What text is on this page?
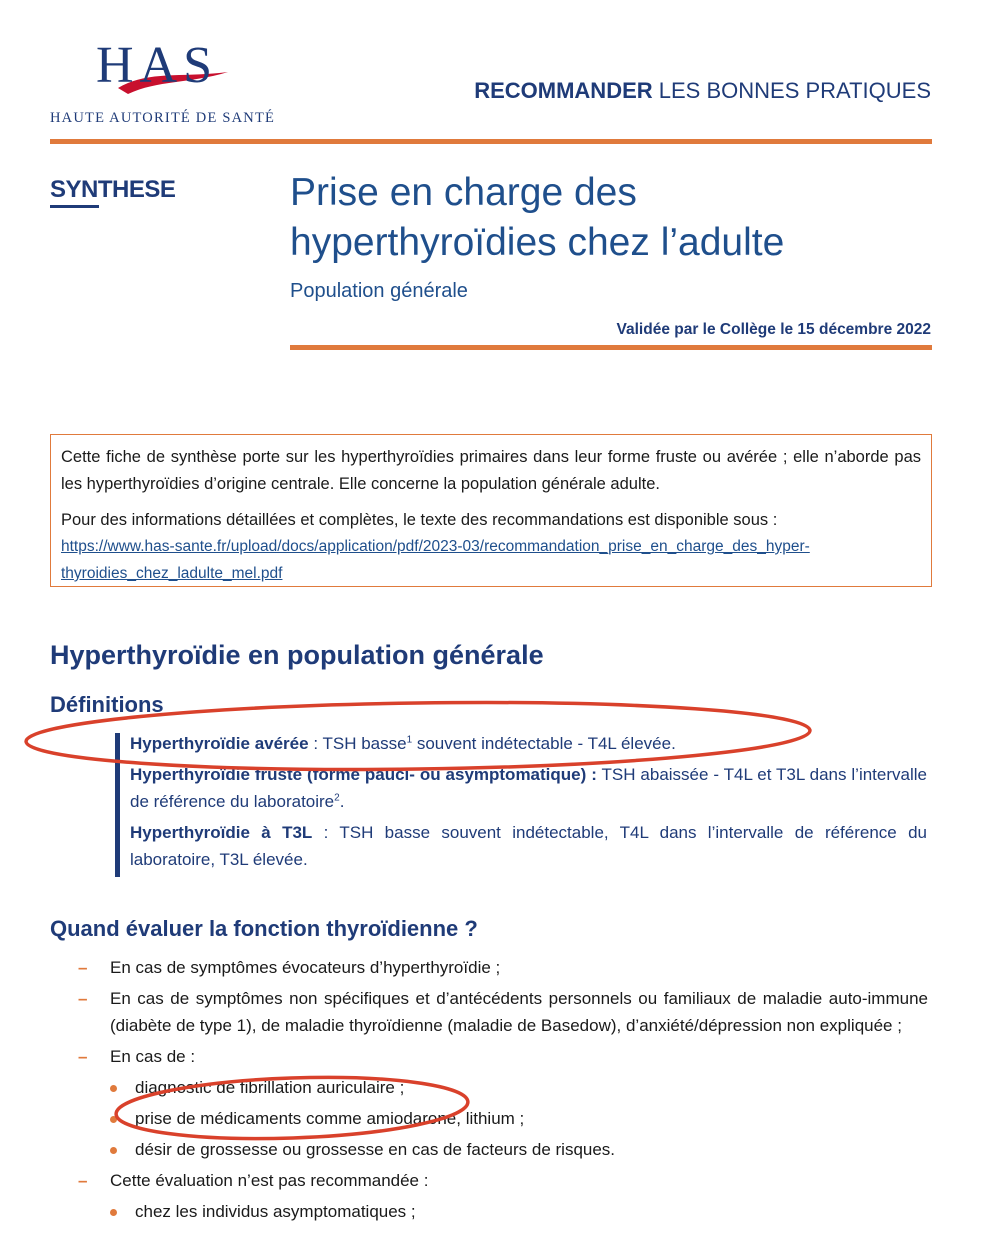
HAS
HAUTE AUTORITÉ DE SANTÉ
RECOMMANDER LES BONNES PRATIQUES
SYNTHESE	Prise en charge des
hyperthyroïdies chez l’adulte
Population générale
Validée par le Collège le 15 décembre 2022

Cette fiche de synthèse porte sur les hyperthyroïdies primaires dans leur forme fruste ou avérée ; elle n’aborde pas les hyperthyroïdies d’origine centrale. Elle concerne la population générale adulte.

Pour des informations détaillées et complètes, le texte des recommandations est disponible sous :
https://www.has-sante.fr/upload/docs/application/pdf/2023-03/recommandation_prise_en_charge_des_hyper-
thyroidies_chez_ladulte_mel.pdf

Hyperthyroïdie en population générale
Définitions

Hyperthyroïdie avérée : TSH basse$^1$ souvent indétectable - T4L élevée.

Hyperthyroïdie fruste (forme pauci- ou asymptomatique) : TSH abaissée - T4L et T3L dans l’intervalle de référence du laboratoire$^2$.

Hyperthyroïdie à T3L : TSH basse souvent indétectable, T4L dans l’intervalle de référence du laboratoire, T3L élevée.

Quand évaluer la fonction thyroïdienne ?
– En cas de symptômes évocateurs d’hyperthyroïdie ;
– En cas de symptômes non spécifiques et d’antécédents personnels ou familiaux de maladie auto-immune (diabète de type 1), de maladie thyroïdienne (maladie de Basedow), d’anxiété/dépression non expliquée ;
– En cas de :
diagnostic de fibrillation auriculaire ;
prise de médicaments comme amiodarone, lithium ;
désir de grossesse ou grossesse en cas de facteurs de risques.
– Cette évaluation n’est pas recommandée :
chez les individus asymptomatiques ;
